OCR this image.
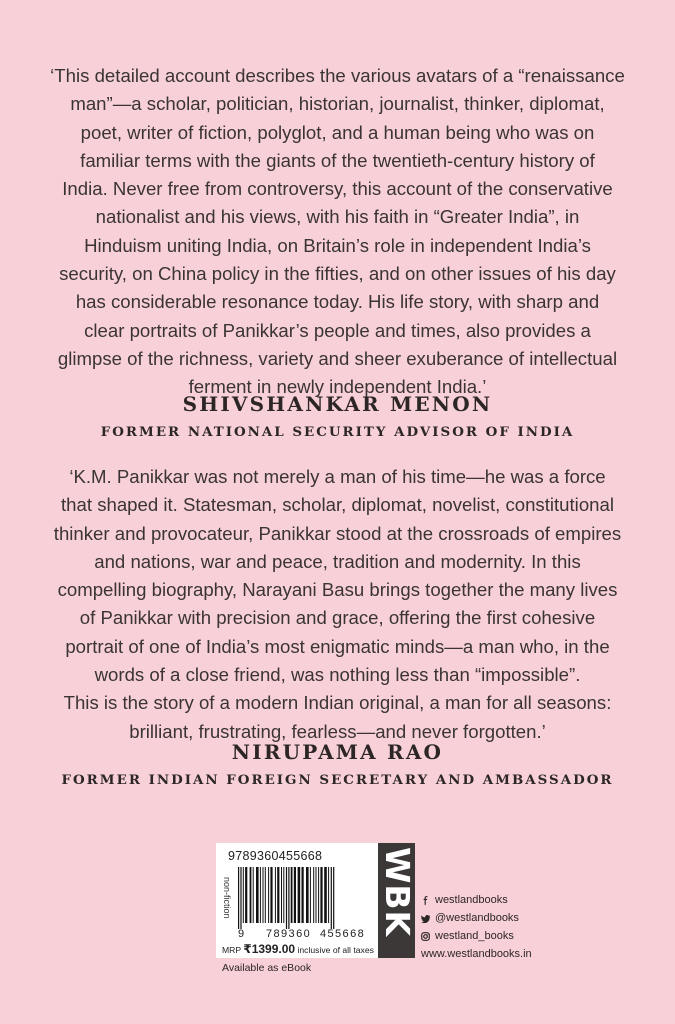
‘This detailed account describes the various avatars of a “renaissance
man”—a scholar, politician, historian, journalist, thinker, diplomat,
poet, writer of fiction, polyglot, and a human being who was on
familiar terms with the giants of the twentieth-century history of
India. Never free from controversy, this account of the conservative
nationalist and his views, with his faith in “Greater India”, in
Hinduism uniting India, on Britain’s role in independent India’s
security, on China policy in the fifties, and on other issues of his day
has considerable resonance today. His life story, with sharp and
clear portraits of Panikkar’s people and times, also provides a
glimpse of the richness, variety and sheer exuberance of intellectual
ferment in newly independent India.’
SHIVSHANKAR MENON
FORMER NATIONAL SECURITY ADVISOR OF INDIA
‘K.M. Panikkar was not merely a man of his time—he was a force
that shaped it. Statesman, scholar, diplomat, novelist, constitutional
thinker and provocateur, Panikkar stood at the crossroads of empires
and nations, war and peace, tradition and modernity. In this
compelling biography, Narayani Basu brings together the many lives
of Panikkar with precision and grace, offering the first cohesive
portrait of one of India’s most enigmatic minds—a man who, in the
words of a close friend, was nothing less than “impossible”.
This is the story of a modern Indian original, a man for all seasons:
brilliant, frustrating, fearless—and never forgotten.’
NIRUPAMA RAO
FORMER INDIAN FOREIGN SECRETARY AND AMBASSADOR
9789360455668
non-fiction
9 789360 455668
MRP ₹1399.00 inclusive of all taxes
WBK
Available as eBook
westlandbooks
@westlandbooks
westland_books
www.westlandbooks.in
